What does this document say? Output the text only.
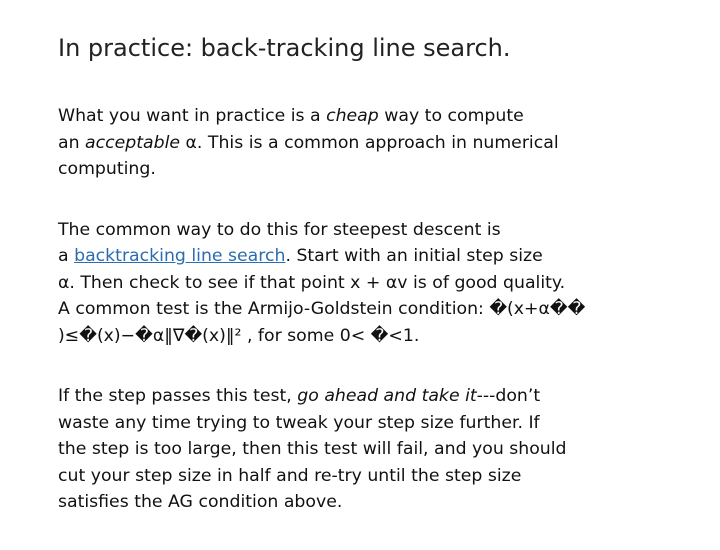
In practice: back-tracking line search.

What you want in practice is a cheap way to compute
an acceptable α. This is a common approach in numerical
computing.

The common way to do this for steepest descent is
a backtracking line search. Start with an initial step size
α. Then check to see if that point x + αv is of good quality.
A common test is the Armijo-Goldstein condition: �(x+α��
)≤�(x)−�α‖∇�(x)‖² , for some 0< �<1.

If the step passes this test, go ahead and take it---don’t
waste any time trying to tweak your step size further. If
the step is too large, then this test will fail, and you should
cut your step size in half and re-try until the step size
satisfies the AG condition above.
